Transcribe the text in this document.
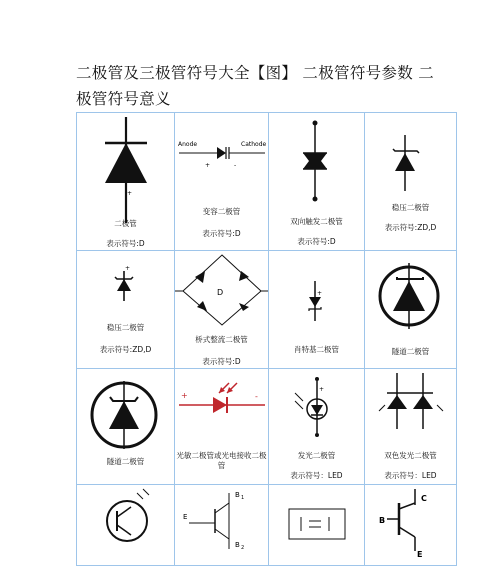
二极管及三极管符号大全【图】 二极管符号参数 二极管符号意义
+
二极管
表示符号:D
Anode	Cathode
+	-
变容二极管
表示符号:D
双向触发二极管
表示符号:D
稳压二极管
表示符号:ZD,D
+
稳压二极管
表示符号:ZD,D
D
桥式整流二极管
表示符号:D
+
肖特基二极管	隧道二极管
隧道二极管
+	-
光敏二极管或光电接收二极管
+
发光二极管
表示符号：LED
双色发光二极管
表示符号：LED
B 1
E
B 2
C
B
E
